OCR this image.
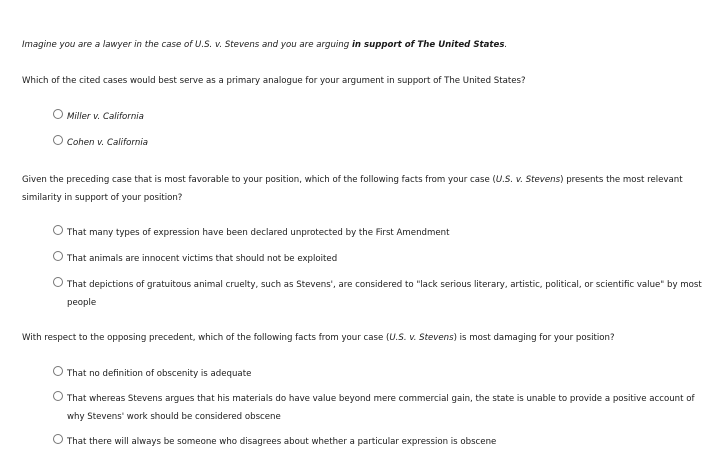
Imagine you are a lawyer in the case of U.S. v. Stevens and you are arguing in support of The United States.
Which of the cited cases would best serve as a primary analogue for your argument in support of The United States?
Miller v. California
Cohen v. California
Given the preceding case that is most favorable to your position, which of the following facts from your case (U.S. v. Stevens) presents the most relevant similarity in support of your position?
That many types of expression have been declared unprotected by the First Amendment
That animals are innocent victims that should not be exploited
That depictions of gratuitous animal cruelty, such as Stevens', are considered to "lack serious literary, artistic, political, or scientific value" by most people
With respect to the opposing precedent, which of the following facts from your case (U.S. v. Stevens) is most damaging for your position?
That no definition of obscenity is adequate
That whereas Stevens argues that his materials do have value beyond mere commercial gain, the state is unable to provide a positive account of why Stevens' work should be considered obscene
That there will always be someone who disagrees about whether a particular expression is obscene
